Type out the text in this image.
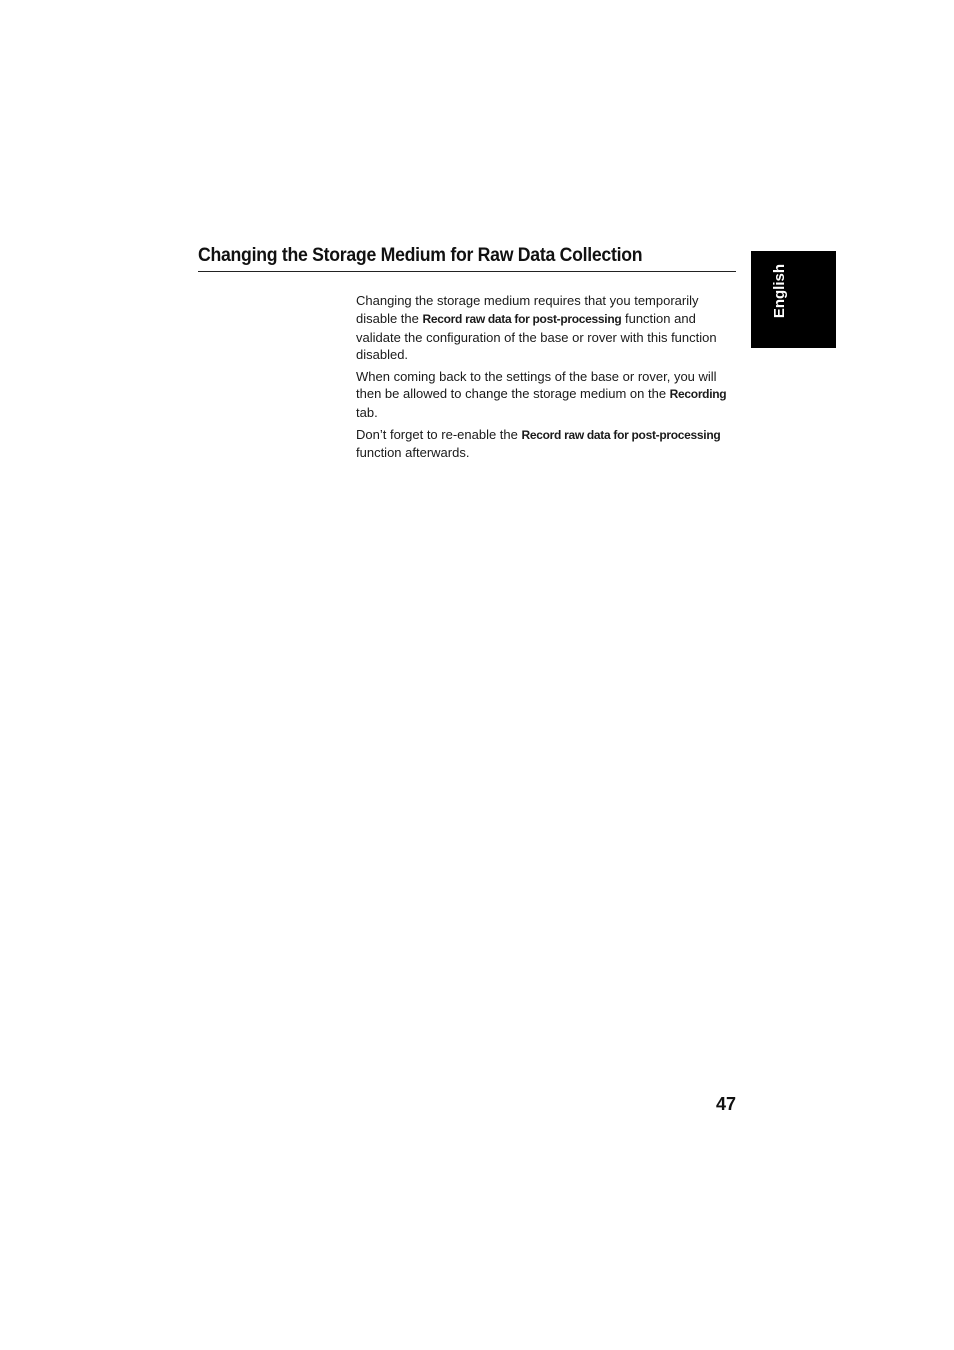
Changing the Storage Medium for Raw Data Collection
English

Changing the storage medium requires that you temporarily disable the Record raw data for post-processing function and validate the configuration of the base or rover with this function disabled.

When coming back to the settings of the base or rover, you will then be allowed to change the storage medium on the Recording tab.

Don’t forget to re-enable the Record raw data for post-processing function afterwards.

47
